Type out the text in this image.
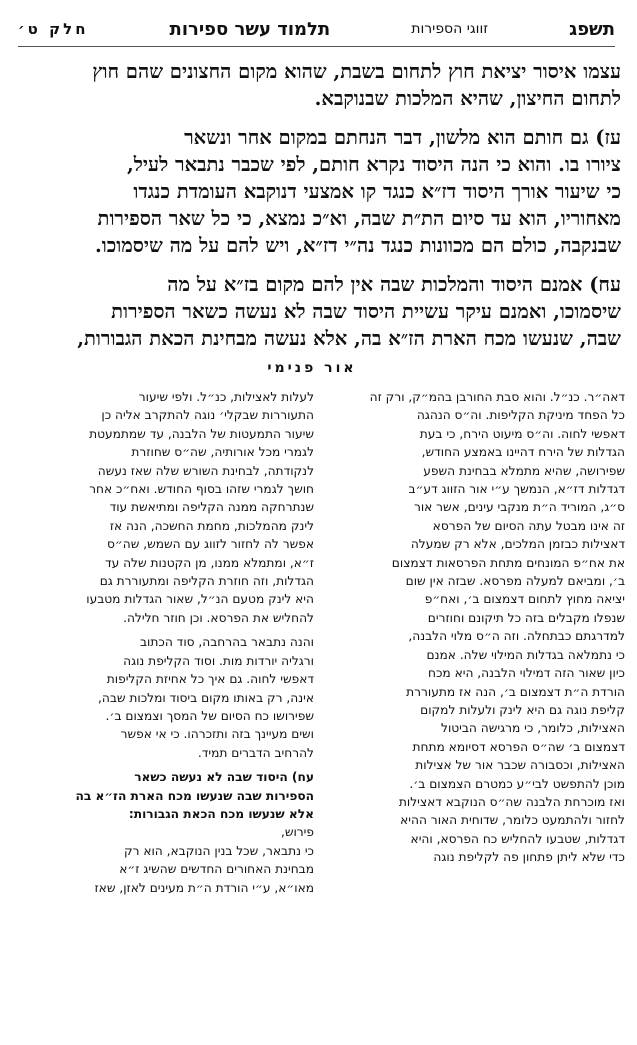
תשפג
זווגי הספירות
תלמוד עשר ספירות
חלק ט׳

עצמו איסור יציאת חוץ לתחום בשבת, שהוא מקום החצונים שהם חוץ
לתחום החיצון, שהיא המלכות שבנוקבא.

עז) גם חותם הוא מלשון, דבר הנחתם במקום אחר ונשאר
ציורו בו. והוא כי הנה היסוד נקרא חותם, לפי שכבר נתבאר לעיל,
כי שיעור אורך היסוד דז״א כנגד קו אמצעי דנוקבא העומדת כנגדו
מאחוריו, הוא עד סיום הת״ת שבה, וא״כ נמצא, כי כל שאר הספירות
שבנקבה, כולם הם מכוונות כנגד נה״י דז״א, ויש להם על מה שיסמוכו.

עח) אמנם היסוד והמלכות שבה אין להם מקום בז״א על מה
שיסמוכו, ואמנם עיקר עשיית היסוד שבה לא נעשה כשאר הספירות
שבה, שנעשו מכח הארת הז״א בה, אלא נעשה מבחינת הכאת הגבורות,

אור פנימי
דאה״ר. כנ״ל. והוא סבת החורבן בהמ״ק, ורק זה
כל הפחד מיניקת הקליפות. וה״ס הנהגה
דאפשי לחוה. וה״ס מיעוט הירח, כי בעת
הגדלות של הירח דהיינו באמצע החודש,
שפירושה, שהיא מתמלא בבחינת השפע
דגדלות דז״א, הנמשך ע״י אור הזווג דע״ב
ס״ג, המוריד ה״ת מנקבי עינים, אשר אור
זה אינו מבטל עתה הסיום של הפרסא
דאצילות כבזמן המלכים, אלא רק שמעלה
את אח״פ המונחים מתחת הפרסאות דצמצום
ב׳, ומביאם למעלה מפרסא. שבזה אין שום
יציאה מחוץ לתחום דצמצום ב׳, ואח״פ
שנפלו מקבלים בזה כל תיקונם וחוזרים
למדרגתם כבתחלה. וזה ה״ס מלוי הלבנה,
כי נתמלאה בגדלות המילוי שלה. אמנם
כיון שאור הזה דמילוי הלבנה, היא מכח
הורדת ה״ת דצמצום ב׳, הנה אז מתעוררת
קליפת נוגה גם היא לינק ולעלות למקום
האצילות, כלומר, כי מרגישה הביטול
דצמצום ב׳ שה״ס הפרסא דסיומא מתחת
האצילות, וכסבורה שכבר אור של אצילות
מוכן להתפשט לבי״ע כמטרם הצמצום ב׳.
ואז מוכרחת הלבנה שה״ס הנוקבא דאצילות
לחזור ולהתמעט כלומר, שדוחית האור ההיא
דגדלות, שטבעו להחליש כח הפרסא, והיא
כדי שלא ליתן פתחון פה לקליפת נוגה

לעלות לאצילות, כנ״ל. ולפי שיעור
התעוררות שבקלי׳ נוגה להתקרב אליה כן
שיעור התמעטות של הלבנה, עד שמתמעטת
לגמרי מכל אורותיה, שה״ס שחוזרת
לנקודתה, לבחינת השורש שלה שאז נעשה
חושך לגמרי שזהו בסוף החודש. ואח״כ אחר
שנתרחקה ממנה הקליפה ומתיאשת עוד
לינק מהמלכות, מחמת החשכה, הנה אז
אפשר לה לחזור לזווג עם השמש, שה״ס
ז״א, ומתמלא ממנו, מן הקטנות שלה עד
הגדלות, וזה חוזרת הקליפה ומתעוררת גם
היא לינק מטעם הנ״ל, שאור הגדלות מטבעו
להחליש את הפרסא. וכן חוזר חלילה.

והנה נתבאר בהרחבה, סוד הכתוב
ורגליה יורדות מות. וסוד הקליפת נוגה
דאפשי לחוה. גם איך כל אחיזת הקליפות
אינה, רק באותו מקום ביסוד ומלכות שבה,
שפירושו כח הסיום של המסך וצמצום ב׳.
ושים מעיינך בזה ותזכרהו. כי אי אפשר
להרחיב הדברים תמיד.

עח) היסוד שבה לא נעשה כשאר
הספירות שבה שנעשו מכח הארת הז״א בה
אלא שנעשו מכח הכאת הגבורות:
פירוש,
כי נתבאר, שכל בנין הנוקבא, הוא רק
מבחינת האחורים החדשים שהשיג ז״א
מאו״א, ע״י הורדת ה״ת מעינים לאזן, שאז
